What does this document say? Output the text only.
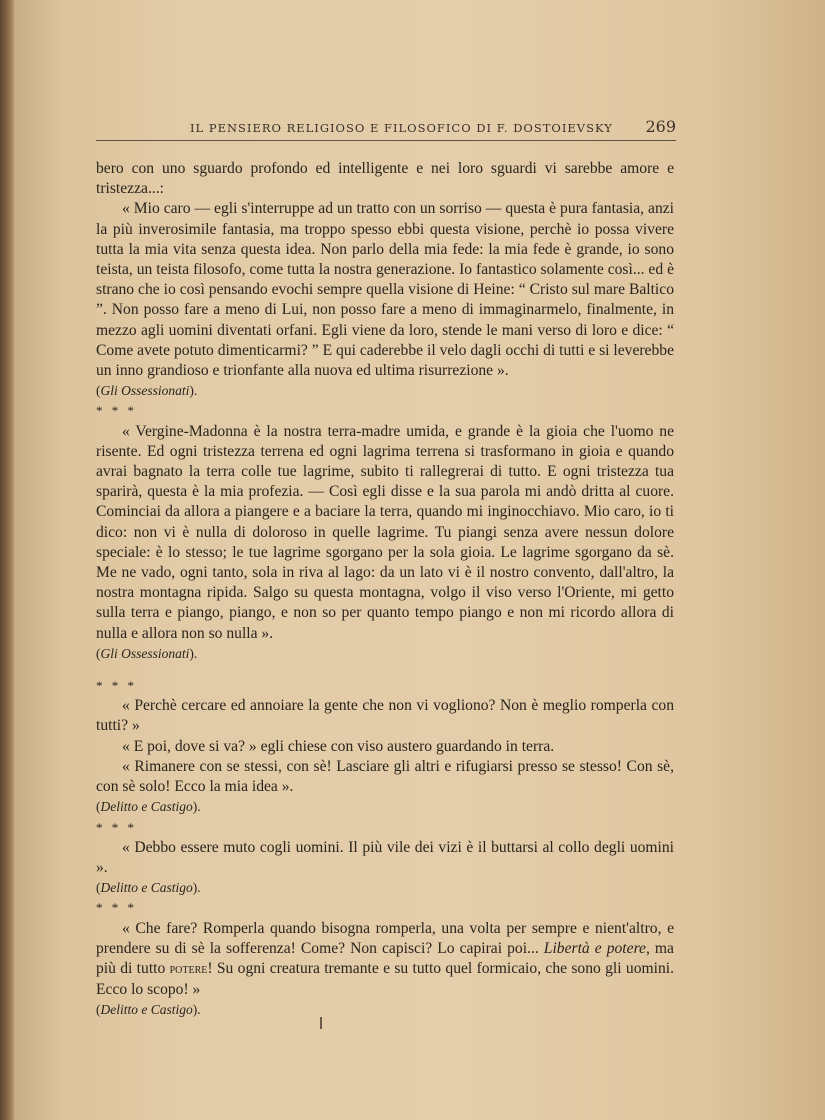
IL PENSIERO RELIGIOSO E FILOSOFICO DI F. DOSTOIEVSKY 269

bero con uno sguardo profondo ed intelligente e nei loro sguardi vi sarebbe amore e tristezza...:

« Mio caro — egli s'interruppe ad un tratto con un sorriso — questa è pura fantasia, anzi la più inverosimile fantasia, ma troppo spesso ebbi questa visione, perchè io possa vivere tutta la mia vita senza questa idea. Non parlo della mia fede: la mia fede è grande, io sono teista, un teista filosofo, come tutta la nostra generazione. Io fantastico solamente così... ed è strano che io così pensando evochi sempre quella visione di Heine: “ Cristo sul mare Baltico ”. Non posso fare a meno di Lui, non posso fare a meno di immaginarmelo, finalmente, in mezzo agli uomini diventati orfani. Egli viene da loro, stende le mani verso di loro e dice: “ Come avete potuto dimenticarmi? ” E qui caderebbe il velo dagli occhi di tutti e si leverebbe un inno grandioso e trionfante alla nuova ed ultima risurrezione ».

(Gli Ossessionati).

* * *

« Vergine-Madonna è la nostra terra-madre umida, e grande è la gioia che l'uomo ne risente. Ed ogni tristezza terrena ed ogni lagrima terrena si trasformano in gioia e quando avrai bagnato la terra colle tue lagrime, subito ti rallegrerai di tutto. E ogni tristezza tua sparirà, questa è la mia profezia. — Così egli disse e la sua parola mi andò dritta al cuore. Cominciai da allora a piangere e a baciare la terra, quando mi inginocchiavo. Mio caro, io ti dico: non vi è nulla di doloroso in quelle lagrime. Tu piangi senza avere nessun dolore speciale: è lo stesso; le tue lagrime sgorgano per la sola gioia. Le lagrime sgorgano da sè. Me ne vado, ogni tanto, sola in riva al lago: da un lato vi è il nostro convento, dall'altro, la nostra montagna ripida. Salgo su questa montagna, volgo il viso verso l'Oriente, mi getto sulla terra e piango, piango, e non so per quanto tempo piango e non mi ricordo allora di nulla e allora non so nulla ».

(Gli Ossessionati).

* * *

« Perchè cercare ed annoiare la gente che non vi vogliono? Non è meglio romperla con tutti? »

« E poi, dove si va? » egli chiese con viso austero guardando in terra.

« Rimanere con se stessi, con sè! Lasciare gli altri e rifugiarsi presso se stesso! Con sè, con sè solo! Ecco la mia idea ».

(Delitto e Castigo).

* * *

« Debbo essere muto cogli uomini. Il più vile dei vizi è il buttarsi al collo degli uomini ».

(Delitto e Castigo).

* * *

« Che fare? Romperla quando bisogna romperla, una volta per sempre e nient'altro, e prendere su di sè la sofferenza! Come? Non capisci? Lo capirai poi... Libertà e potere, ma più di tutto potere! Su ogni creatura tremante e su tutto quel formicaio, che sono gli uomini. Ecco lo scopo! »

(Delitto e Castigo).
